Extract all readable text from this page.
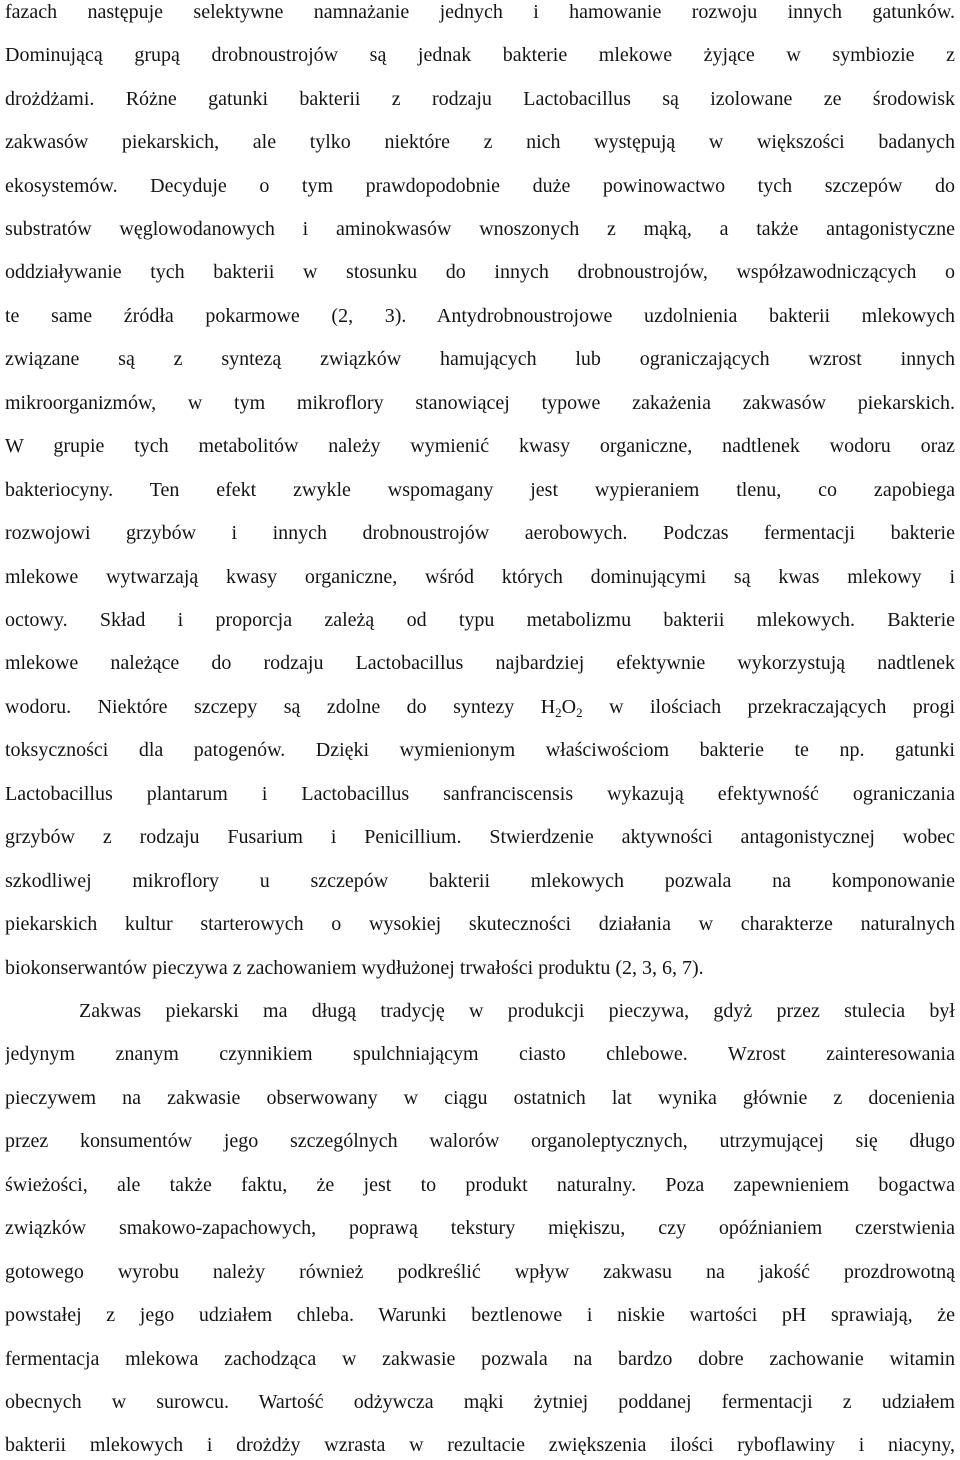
fazach następuje selektywne namnażanie jednych i hamowanie rozwoju innych gatunków.
Dominującą grupą drobnoustrojów są jednak bakterie mlekowe żyjące w symbiozie z
drożdżami. Różne gatunki bakterii z rodzaju Lactobacillus są izolowane ze środowisk
zakwasów piekarskich, ale tylko niektóre z nich występują w większości badanych
ekosystemów. Decyduje o tym prawdopodobnie duże powinowactwo tych szczepów do
substratów węglowodanowych i aminokwasów wnoszonych z mąką, a także antagonistyczne
oddziaływanie tych bakterii w stosunku do innych drobnoustrojów, współzawodniczących o
te same źródła pokarmowe (2, 3). Antydrobnoustrojowe uzdolnienia bakterii mlekowych
związane są z syntezą związków hamujących lub ograniczających wzrost innych
mikroorganizmów, w tym mikroflory stanowiącej typowe zakażenia zakwasów piekarskich.
W grupie tych metabolitów należy wymienić kwasy organiczne, nadtlenek wodoru oraz
bakteriocyny. Ten efekt zwykle wspomagany jest wypieraniem tlenu, co zapobiega
rozwojowi grzybów i innych drobnoustrojów aerobowych. Podczas fermentacji bakterie
mlekowe wytwarzają kwasy organiczne, wśród których dominującymi są kwas mlekowy i
octowy. Skład i proporcja zależą od typu metabolizmu bakterii mlekowych. Bakterie
mlekowe należące do rodzaju Lactobacillus najbardziej efektywnie wykorzystują nadtlenek
wodoru. Niektóre szczepy są zdolne do syntezy $H_2O_2$ w ilościach przekraczających progi
toksyczności dla patogenów. Dzięki wymienionym właściwościom bakterie te np. gatunki
Lactobacillus plantarum i Lactobacillus sanfranciscensis wykazują efektywność ograniczania
grzybów z rodzaju Fusarium i Penicillium. Stwierdzenie aktywności antagonistycznej wobec
szkodliwej mikroflory u szczepów bakterii mlekowych pozwala na komponowanie
piekarskich kultur starterowych o wysokiej skuteczności działania w charakterze naturalnych
biokonserwantów pieczywa z zachowaniem wydłużonej trwałości produktu (2, 3, 6, 7).
Zakwas piekarski ma długą tradycję w produkcji pieczywa, gdyż przez stulecia był
jedynym znanym czynnikiem spulchniającym ciasto chlebowe. Wzrost zainteresowania
pieczywem na zakwasie obserwowany w ciągu ostatnich lat wynika głównie z docenienia
przez konsumentów jego szczególnych walorów organoleptycznych, utrzymującej się długo
świeżości, ale także faktu, że jest to produkt naturalny. Poza zapewnieniem bogactwa
związków smakowo-zapachowych, poprawą tekstury miękiszu, czy opóźnianiem czerstwienia
gotowego wyrobu należy również podkreślić wpływ zakwasu na jakość prozdrowotną
powstałej z jego udziałem chleba. Warunki beztlenowe i niskie wartości pH sprawiają, że
fermentacja mlekowa zachodząca w zakwasie pozwala na bardzo dobre zachowanie witamin
obecnych w surowcu. Wartość odżywcza mąki żytniej poddanej fermentacji z udziałem
bakterii mlekowych i drożdży wzrasta w rezultacie zwiększenia ilości ryboflawiny i niacyny,
